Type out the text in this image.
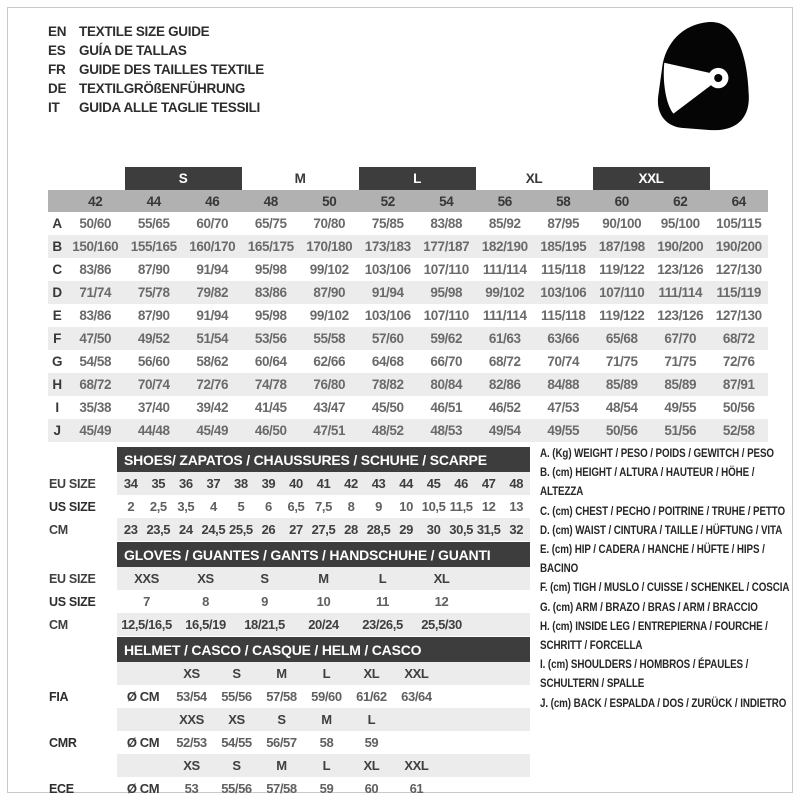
EN TEXTILE SIZE GUIDE
ES	GUÍA DE TALLAS
FR	GUIDE DES TAILLES TEXTILE
DE TEXTILGRÖßENFÜHRUNG
IT	GUIDA ALLE TAGLIE TESSILI
		S		M		L		XL		XXL		
	42	44	46	48	50	52	54	56	58	60	62	64
A	50/60	55/65	60/70	65/75	70/80	75/85	83/88	85/92	87/95	90/100	95/100	105/115
B	150/160	155/165	160/170	165/175	170/180	173/183	177/187	182/190	185/195	187/198	190/200	190/200
C	83/86	87/90	91/94	95/98	99/102	103/106	107/110	111/114	115/118	119/122	123/126	127/130
D	71/74	75/78	79/82	83/86	87/90	91/94	95/98	99/102	103/106	107/110	111/114	115/119
E	83/86	87/90	91/94	95/98	99/102	103/106	107/110	111/114	115/118	119/122	123/126	127/130
F	47/50	49/52	51/54	53/56	55/58	57/60	59/62	61/63	63/66	65/68	67/70	68/72
G	54/58	56/60	58/62	60/64	62/66	64/68	66/70	68/72	70/74	71/75	71/75	72/76
H	68/72	70/74	72/76	74/78	76/80	78/82	80/84	82/86	84/88	85/89	85/89	87/91
I	35/38	37/40	39/42	41/45	43/47	45/50	46/51	46/52	47/53	48/54	49/55	50/56
J	45/49	44/48	45/49	46/50	47/51	48/52	48/53	49/54	49/55	50/56	51/56	52/58
	SHOES/ ZAPATOS / CHAUSSURES / SCHUHE / SCARPE														
EU SIZE	34	35	36	37	38	39	40	41	42	43	44	45	46	47	48
US SIZE	2	2,5	3,5	4	5	6	6,5	7,5	8	9	10	10,5	11,5	12	13
CM	23	23,5	24	24,5	25,5	26	27	27,5	28	28,5	29	30	30,5	31,5	32
	GLOVES / GUANTES / GANTS / HANDSCHUHE / GUANTI						
EU SIZE	XXS	XS	S	M	L	XL	
US SIZE	7	8	9	10	11	12	
CM	12,5/16,5	16,5/19	18/21,5	20/24	23/26,5	25,5/30	
	HELMET / CASCO / CASQUE / HELM / CASCO							
		XS	S	M	L	XL	XXL	
FIA	Ø CM	53/54	55/56	57/58	59/60	61/62	63/64	
		XXS	XS	S	M	L		
CMR	Ø CM	52/53	54/55	56/57	58	59		
		XS	S	M	L	XL	XXL	
ECE	Ø CM	53	55/56	57/58	59	60	61	
A. (Kg) WEIGHT / PESO / POIDS / GEWITCH / PESO
B. (cm) HEIGHT / ALTURA / HAUTEUR / HÖHE / ALTEZZA
C. (cm) CHEST / PECHO / POITRINE / TRUHE / PETTO
D. (cm) WAIST / CINTURA / TAILLE / HÜFTUNG / VITA
E. (cm) HIP / CADERA / HANCHE / HÜFTE / HIPS / BACINO
F. (cm) TIGH / MUSLO / CUISSE / SCHENKEL / COSCIA
G. (cm) ARM / BRAZO / BRAS / ARM / BRACCIO
H. (cm) INSIDE LEG / ENTREPIERNA / FOURCHE / SCHRITT / FORCELLA
I. (cm) SHOULDERS / HOMBROS / ÉPAULES / SCHULTERN / SPALLE
J. (cm) BACK / ESPALDA / DOS / ZURÜCK / INDIETRO
